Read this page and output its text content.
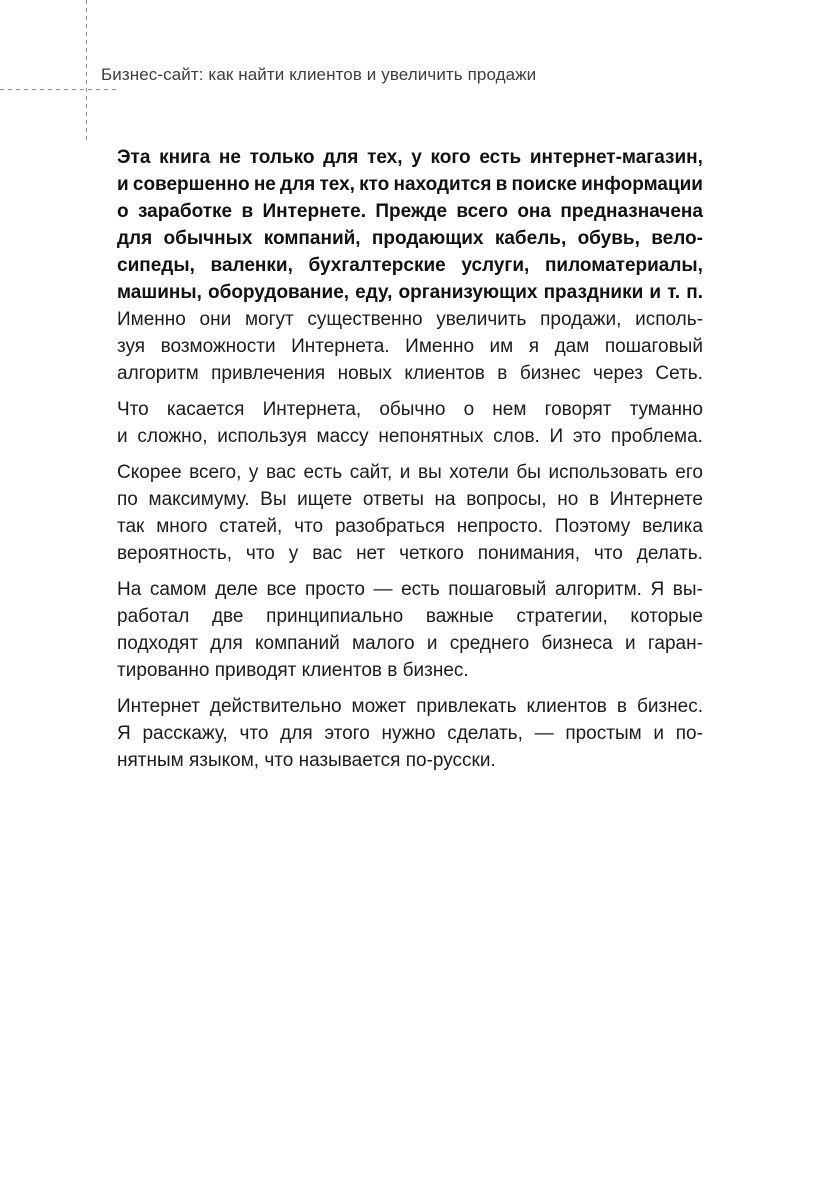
Бизнес-сайт: как найти клиентов и увеличить продажи
Эта книга не только для тех, у кого есть интернет-магазин,
и совершенно не для тех, кто находится в поиске информации
о заработке в Интернете. Прежде всего она предназначена
для обычных компаний, продающих кабель, обувь, вело-
сипеды, валенки, бухгалтерские услуги, пиломатериалы,
машины, оборудование, еду, организующих праздники и т. п.
Именно они могут существенно увеличить продажи, исполь-
зуя возможности Интернета. Именно им я дам пошаговый
алгоритм привлечения новых клиентов в бизнес через Сеть.
Что касается Интернета, обычно о нем говорят туманно
и сложно, используя массу непонятных слов. И это проблема.
Скорее всего, у вас есть сайт, и вы хотели бы использовать его
по максимуму. Вы ищете ответы на вопросы, но в Интернете
так много статей, что разобраться непросто. Поэтому велика
вероятность, что у вас нет четкого понимания, что делать.
На самом деле все просто — есть пошаговый алгоритм. Я вы-
работал две принципиально важные стратегии, которые
подходят для компаний малого и среднего бизнеса и гаран-
тированно приводят клиентов в бизнес.
Интернет действительно может привлекать клиентов в бизнес.
Я расскажу, что для этого нужно сделать, — простым и по-
нятным языком, что называется по-русски.
